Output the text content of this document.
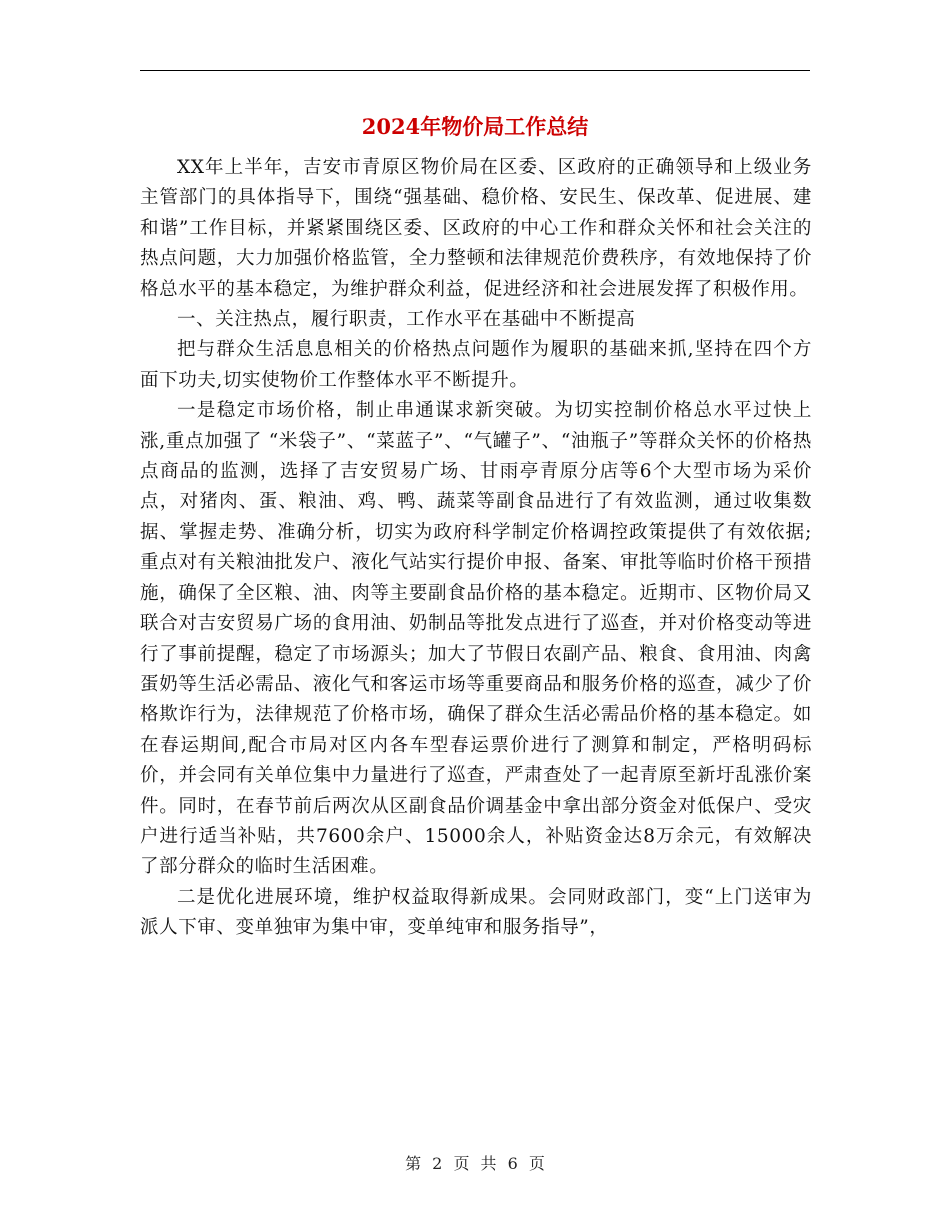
2024年物价局工作总结

XX年上半年，吉安市青原区物价局在区委、区政府的正确领导和上级业务主管部门的具体指导下，围绕“强基础、稳价格、安民生、保改革、促进展、建和谐”工作目标，并紧紧围绕区委、区政府的中心工作和群众关怀和社会关注的热点问题，大力加强价格监管，全力整顿和法律规范价费秩序，有效地保持了价格总水平的基本稳定，为维护群众利益，促进经济和社会进展发挥了积极作用。

一、关注热点，履行职责，工作水平在基础中不断提高

把与群众生活息息相关的价格热点问题作为履职的基础来抓,坚持在四个方面下功夫,切实使物价工作整体水平不断提升。

一是稳定市场价格，制止串通谋求新突破。为切实控制价格总水平过快上涨,重点加强了 “米袋子”、“菜蓝子”、“气罐子”、“油瓶子”等群众关怀的价格热点商品的监测，选择了吉安贸易广场、甘雨亭青原分店等6个大型市场为采价点，对猪肉、蛋、粮油、鸡、鸭、蔬菜等副食品进行了有效监测，通过收集数据、掌握走势、准确分析，切实为政府科学制定价格调控政策提供了有效依据;重点对有关粮油批发户、液化气站实行提价申报、备案、审批等临时价格干预措施，确保了全区粮、油、肉等主要副食品价格的基本稳定。近期市、区物价局又联合对吉安贸易广场的食用油、奶制品等批发点进行了巡查，并对价格变动等进行了事前提醒，稳定了市场源头；加大了节假日农副产品、粮食、食用油、肉禽蛋奶等生活必需品、液化气和客运市场等重要商品和服务价格的巡查，减少了价格欺诈行为，法律规范了价格市场，确保了群众生活必需品价格的基本稳定。如在春运期间,配合市局对区内各车型春运票价进行了测算和制定，严格明码标价，并会同有关单位集中力量进行了巡查，严肃查处了一起青原至新圩乱涨价案件。同时，在春节前后两次从区副食品价调基金中拿出部分资金对低保户、受灾户进行适当补贴，共7600余户、15000余人，补贴资金达8万余元，有效解决了部分群众的临时生活困难。

二是优化进展环境，维护权益取得新成果。会同财政部门，变“上门送审为派人下审、变单独审为集中审，变单纯审和服务指导”，

第 2 页 共 6 页
